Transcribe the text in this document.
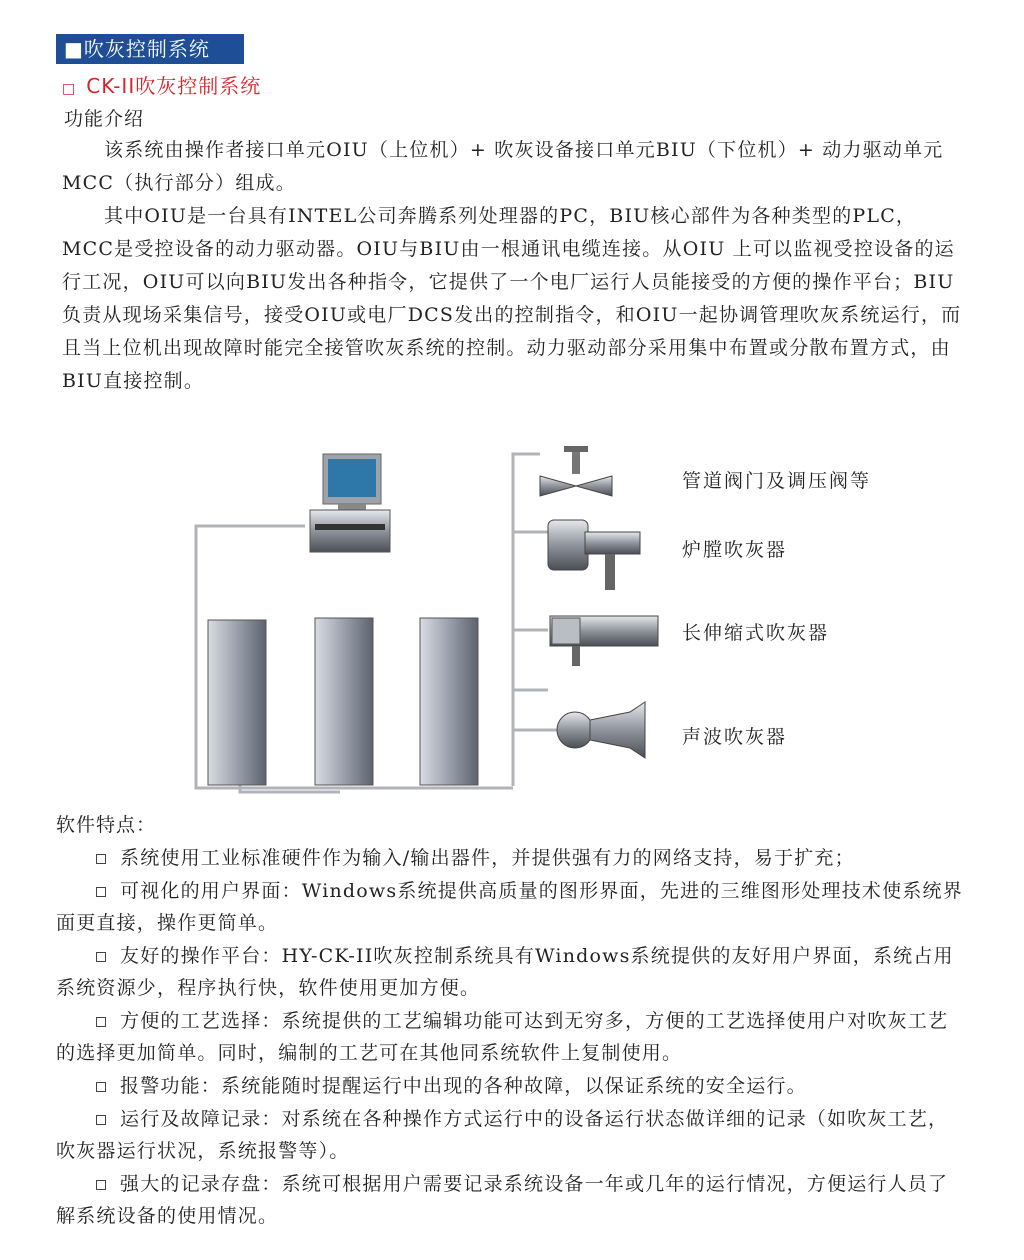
■吹灰控制系统
□ CK-II吹灰控制系统
功能介绍

该系统由操作者接口单元OIU（上位机）+ 吹灰设备接口单元BIU（下位机）+ 动力驱动单元MCC（执行部分）组成。

其中OIU是一台具有INTEL公司奔腾系列处理器的PC，BIU核心部件为各种类型的PLC，MCC是受控设备的动力驱动器。OIU与BIU由一根通讯电缆连接。从OIU 上可以监视受控设备的运行工况，OIU可以向BIU发出各种指令，它提供了一个电厂运行人员能接受的方便的操作平台；BIU 负责从现场采集信号，接受OIU或电厂DCS发出的控制指令，和OIU一起协调管理吹灰系统运行，而且当上位机出现故障时能完全接管吹灰系统的控制。动力驱动部分采用集中布置或分散布置方式，由BIU直接控制。

管道阀门及调压阀等
炉膛吹灰器
长伸缩式吹灰器
声波吹灰器
软件特点：

系统使用工业标准硬件作为输入/输出器件，并提供强有力的网络支持，易于扩充；

可视化的用户界面：Windows系统提供高质量的图形界面，先进的三维图形处理技术使系统界面更直接，操作更简单。

友好的操作平台：HY-CK-II吹灰控制系统具有Windows系统提供的友好用户界面，系统占用系统资源少，程序执行快，软件使用更加方便。

方便的工艺选择：系统提供的工艺编辑功能可达到无穷多，方便的工艺选择使用户对吹灰工艺的选择更加简单。同时，编制的工艺可在其他同系统软件上复制使用。

报警功能：系统能随时提醒运行中出现的各种故障，以保证系统的安全运行。

运行及故障记录：对系统在各种操作方式运行中的设备运行状态做详细的记录（如吹灰工艺，吹灰器运行状况，系统报警等）。

强大的记录存盘：系统可根据用户需要记录系统设备一年或几年的运行情况，方便运行人员了解系统设备的使用情况。
